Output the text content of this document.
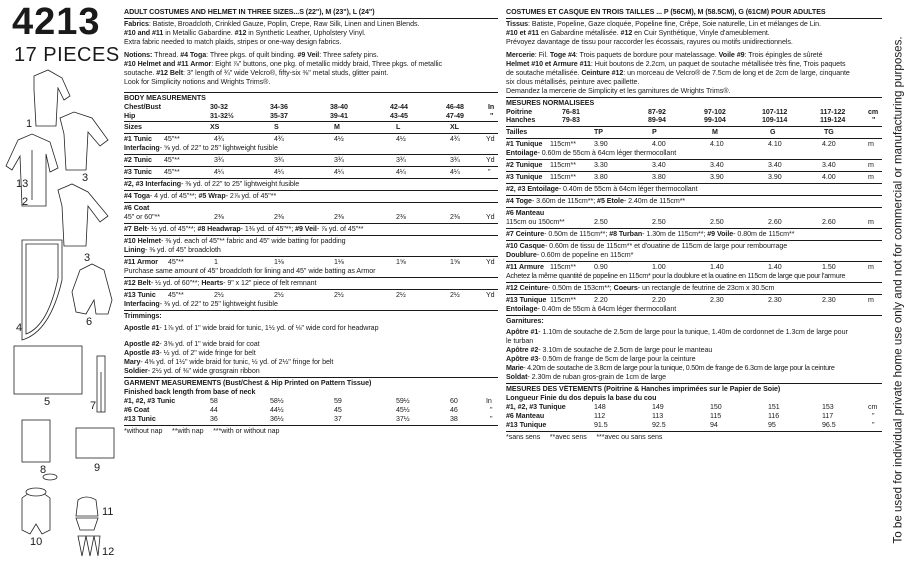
4213
17 PIECES
1
2
13	3
3
4	6
5	7
8	9
10
11
12

ADULT COSTUMES AND HELMET IN THREE SIZES...S (22"), M (23"), L (24")

Fabrics: Batiste, Broadcloth, Crinkled Gauze, Poplin, Crepe, Raw Silk, Linen and Linen Blends.

#10 and #11 in Metallic Gabardine. #12 in Synthetic Leather, Upholstery Vinyl.

Extra fabric needed to match plaids, stripes or one-way design fabrics.

Notions: Thread. #4 Toga: Three pkgs. of quilt binding. #9 Veil: Three safety pins.

#10 Helmet and #11 Armor: Eight ⅞" buttons, one pkg. of metallic middy braid, Three pkgs. of metallic

soutache. #12 Belt: 3" length of ¾" wide Velcro®, fifty-six ⅜" metal studs, glitter paint.

Look for Simplicity notions and Wrights Trims®.

BODY MEASUREMENTS

Chest/Bust	30-32	34-36	38-40	42-44	46-48	In
Hip	31-32½	35-37	39-41	43-45	47-49	"
Sizes	XS	S	M	L	XL
#1 Tunic 45"**	4¾	4¾	4½	4½	4¾	Yd

Interfacing- ⅝ yd. of 22" to 25" lightweight fusible

#2 Tunic 45"**	3¾	3¾	3¾	3¾	3¾	Yd
#3 Tunic 45"**	4¼	4¼	4¼	4¼	4¼	"

#2, #3 Interfacing- ⅜ yd. of 22" to 25" lightweight fusible

#4 Toga- 4 yd. of 45"**; #5 Wrap- 2⅞ yd. of 45"**

#6 Coat

45" or 60"**	2⅜	2⅜	2⅜	2⅜	2⅜	Yd

#7 Belt- ½ yd. of 45"**; #8 Headwrap- 1⅜ yd. of 45"**; #9 Veil- ⅞ yd. of 45"**

#10 Helmet- ⅜ yd. each of 45"** fabric and 45" wide batting for padding

Lining- ⅜ yd. of 45" broadcloth

#11 Armor 45"**	1	1⅛	1⅛	1⅝	1⅝	Yd

Purchase same amount of 45" broadcloth for lining and 45" wide batting as Armor

#12 Belt- ½ yd. of 60"**; Hearts- 9" x 12" piece of felt remnant

#13 Tunic 45"**	2½	2½	2½	2½	2½	Yd

Interfacing- ⅜ yd. of 22" to 25" lightweight fusible

Trimmings:

Apostle #1- 1⅞ yd. of 1" wide braid for tunic, 1½ yd. of ⅛" wide cord for headwrap

Apostle #2- 3⅝ yd. of 1" wide braid for coat

Apostle #3- ½ yd. of 2" wide fringe for belt

Mary- 4⅝ yd. of 1½" wide braid for tunic, ½ yd. of 2½" fringe for belt

Soldier- 2½ yd. of ⅜" wide grosgrain ribbon

GARMENT MEASUREMENTS (Bust/Chest & Hip Printed on Pattern Tissue)

Finished back length from base of neck

#1, #2, #3 Tunic	58	58½	59	59½	60	In
#6 Coat	44	44½	45	45½	46	"
#13 Tunic	36	36½	37	37½	38	"

*without nap     **with nap     ***with or without nap

COSTUMES ET CASQUE EN TROIS TAILLES ... P (56CM), M (58.5CM), G (61CM) POUR ADULTES

Tissus: Batiste, Popeline, Gaze cloquée, Popeline fine, Crêpe, Soie naturelle, Lin et mélanges de Lin.

#10 et #11 en Gabardine métallisée. #12 en Cuir Synthétique, Vinyle d'ameublement.

Prévoyez davantage de tissu pour raccorder les écossais, rayures ou motifs unidirectionnels.

Mercerie: Fil. Toge #4: Trois paquets de bordure pour matelassage. Voile #9: Trois épingles de sûreté

Helmet #10 et Armure #11: Huit boutons de 2.2cm, un paquet de soutache métallisée très fine, Trois paquets

de soutache métallisée. Ceinture #12: un morceau de Velcro® de 7.5cm de long et de 2cm de large, cinquante

six clous métallisés, peinture avec paillette.

Demandez la mercerie de Simplicity et les garnitures de Wrights Trims®.

MESURES NORMALISEES

Poitrine	76-81	87-92	97-102	107-112	117-122	cm
Hanches	79-83	89-94	99-104	109-114	119-124	"
Tailles	TP	P	M	G	TG
#1 Tunique 115cm**	3.90	4.00	4.10	4.10	4.20	m

Entoilage- 0.60m de 55cm à 64cm léger thermocollant

#2 Tunique 115cm**	3.30	3.40	3.40	3.40	3.40	m
#3 Tunique 115cm**	3.80	3.80	3.90	3.90	4.00	m

#2, #3 Entoilage- 0.40m de 55cm à 64cm léger thermocollant

#4 Toge- 3.60m de 115cm**; #5 Etole- 2.40m de 115cm**

#6 Manteau

115cm ou 150cm**	2.50	2.50	2.50	2.60	2.60	m

#7 Ceinture- 0.50m de 115cm**; #8 Turban- 1.30m de 115cm**; #9 Voile- 0.80m de 115cm**

#10 Casque- 0.60m de tissu de 115cm** et d'ouatine de 115cm de large pour rembourrage

Doublure- 0.60m de popeline en 115cm*

#11 Armure 115cm**	0.90	1.00	1.40	1.40	1.50	m

Achetez la même quantité de popeline en 115cm* pour la doublure et la ouatine en 115cm de large que pour l'armure

#12 Ceinture- 0.50m de 153cm**; Coeurs- un rectangle de feutrine de 23cm x 30.5cm

#13 Tunique 115cm**	2.20	2.20	2.30	2.30	2.30	m

Entoilage- 0.40m de 55cm à 64cm léger thermocollant

Garnitures:

Apôtre #1- 1.10m de soutache de 2.5cm de large pour la tunique, 1.40m de cordonnet de 1.3cm de large pour

le turban

Apôtre #2- 3.10m de soutache de 2.5cm de large pour le manteau

Apôtre #3- 0.50m de frange de 5cm de large pour la ceinture

Marie- 4.20m de soutache de 3.8cm de large pour la tunique, 0.50m de frange de 6.3cm de large pour la ceinture

Soldat- 2.30m de ruban gros-grain de 1cm de large

MESURES DES VÊTEMENTS (Poitrine & Hanches imprimées sur le Papier de Soie)

Longueur Finie du dos depuis la base du cou

#1, #2, #3 Tunique	148	149	150	151	153	cm
#6 Manteau	112	113	115	116	117	"
#13 Tunique	91.5	92.5	94	95	96.5	"

*sans sens     **avec sens     ***avec ou sans sens	To be used for individual private home use only and not for commercial or manufacturing purposes.
